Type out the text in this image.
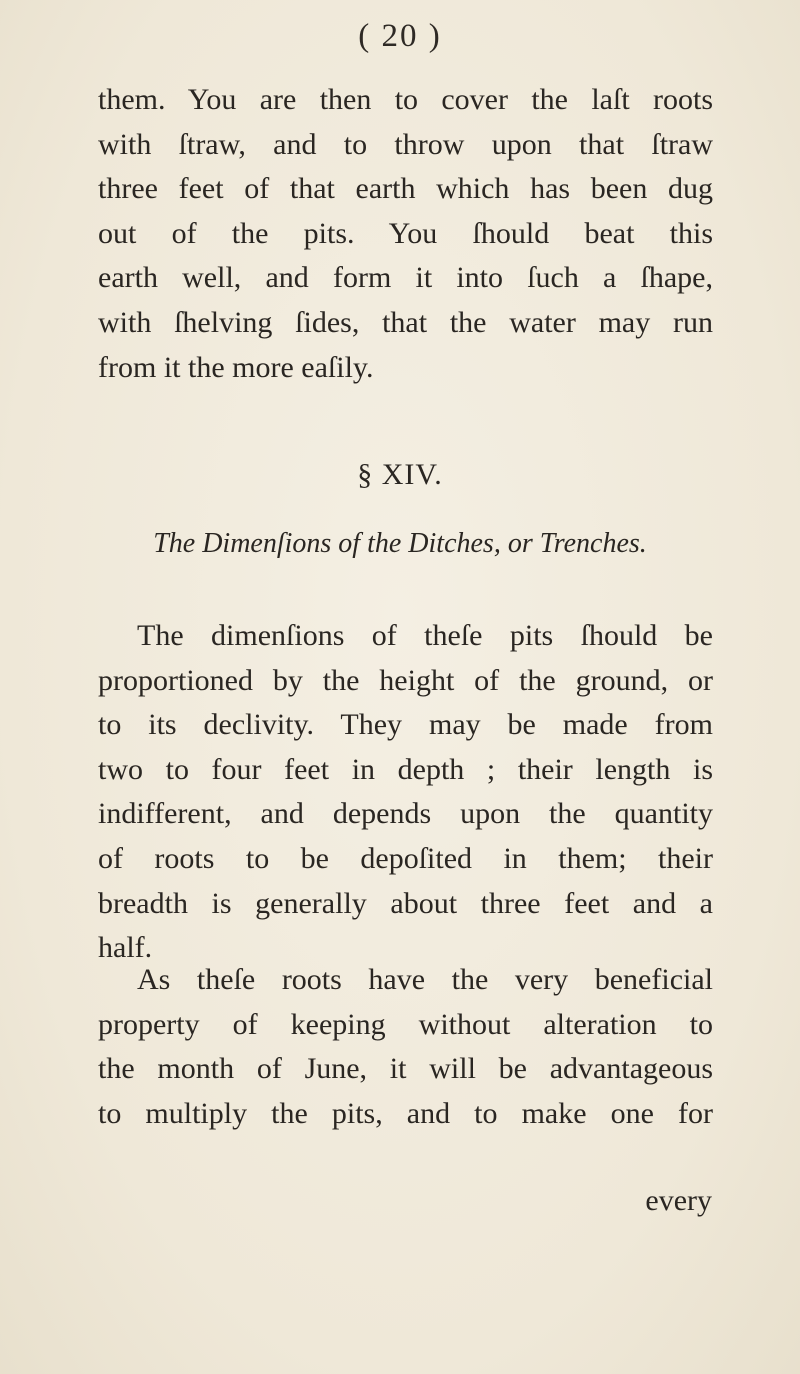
( 20 )
them. You are then to cover the laſt roots
with ſtraw, and to throw upon that ſtraw
three feet of that earth which has been dug
out of the pits. You ſhould beat this
earth well, and form it into ſuch a ſhape,
with ſhelving ſides, that the water may run
from it the more eaſily.
§ XIV.
The Dimenſions of the Ditches, or Trenches.
The dimenſions of theſe pits ſhould be
proportioned by the height of the ground, or
to its declivity. They may be made from
two to four feet in depth ; their length is
indifferent, and depends upon the quantity
of roots to be depoſited in them; their
breadth is generally about three feet and a
half.
As theſe roots have the very beneficial
property of keeping without alteration to
the month of June, it will be advantageous
to multiply the pits, and to make one for
every
